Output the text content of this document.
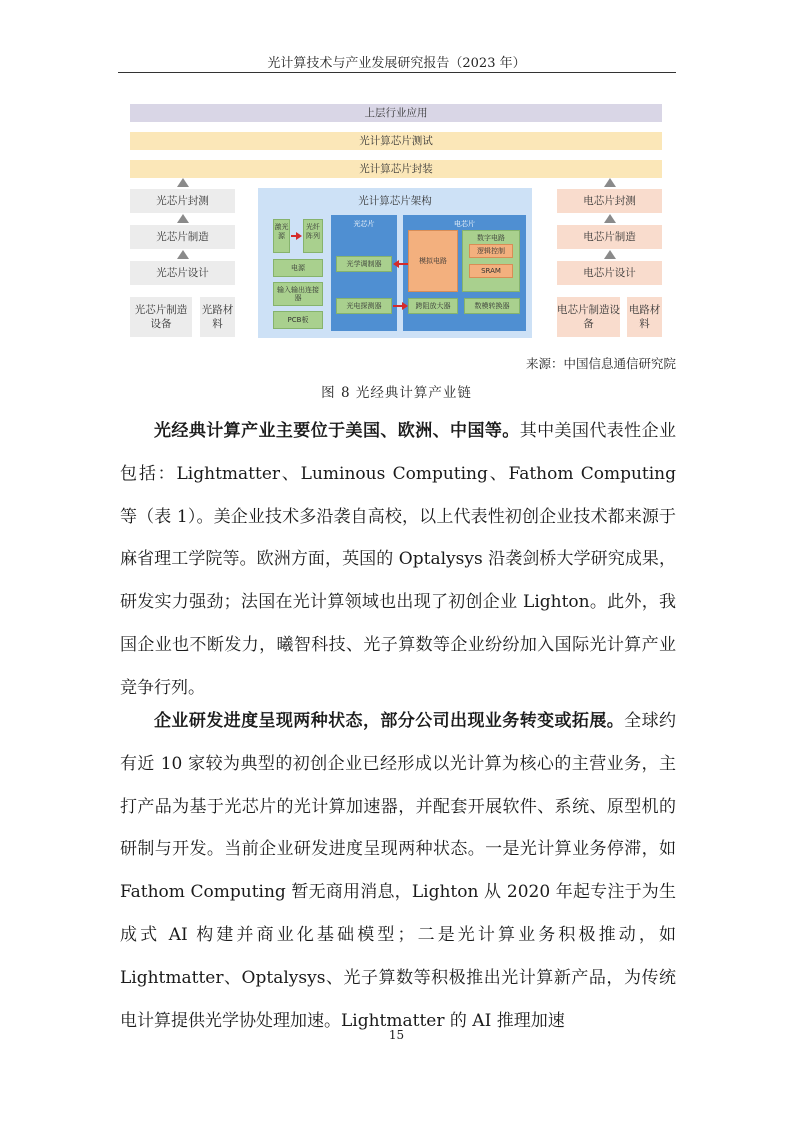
光计算技术与产业发展研究报告（2023 年）
上层行业应用
光计算芯片测试
光计算芯片封装
光芯片封测
光芯片制造
光芯片设计
光芯片制造设备
光路材料
光计算芯片架构
激光源
光纤阵列
电源
输入输出连接器
PCB板
光芯片
光学调制器
光电探测器
电芯片
模拟电路
数字电路
逻辑控制
SRAM
跨阻放大器	数模转换器
电芯片封测
电芯片制造
电芯片设计
电芯片制造设备
电路材料
来源：中国信息通信研究院
图 8 光经典计算产业链
光经典计算产业主要位于美国、欧洲、中国等。其中美国代表性企业包括：Lightmatter、Luminous Computing、Fathom Computing 等（表 1）。美企业技术多沿袭自高校，以上代表性初创企业技术都来源于麻省理工学院等。欧洲方面，英国的 Optalysys 沿袭剑桥大学研究成果，研发实力强劲；法国在光计算领域也出现了初创企业 Lighton。此外，我国企业也不断发力，曦智科技、光子算数等企业纷纷加入国际光计算产业竞争行列。
企业研发进度呈现两种状态，部分公司出现业务转变或拓展。全球约有近 10 家较为典型的初创企业已经形成以光计算为核心的主营业务，主打产品为基于光芯片的光计算加速器，并配套开展软件、系统、原型机的研制与开发。当前企业研发进度呈现两种状态。一是光计算业务停滞，如 Fathom Computing 暂无商用消息，Lighton 从 2020 年起专注于为生成式 AI 构建并商业化基础模型；二是光计算业务积极推动，如 Lightmatter、Optalysys、光子算数等积极推出光计算新产品，为传统电计算提供光学协处理加速。Lightmatter 的 AI 推理加速
15
